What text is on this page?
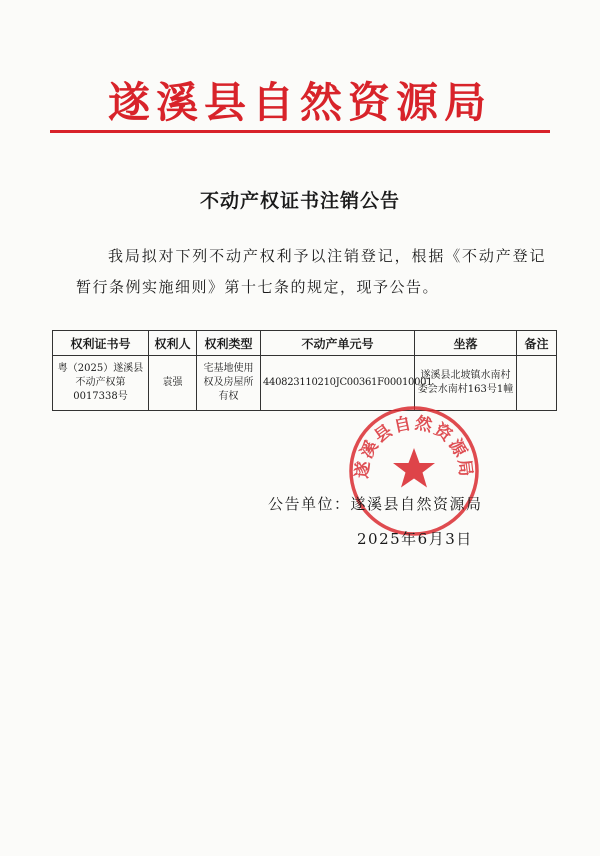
遂溪县自然资源局
不动产权证书注销公告
我局拟对下列不动产权利予以注销登记，根据《不动产登记暂行条例实施细则》第十七条的规定，现予公告。
权利证书号	权利人	权利类型	不动产单元号	坐落	备注
粤（2025）遂溪县不动产权第0017338号	袁强	宅基地使用权及房屋所有权	440823110210JC00361F00010001	遂溪县北坡镇水南村委会水南村163号1幢	
遂溪县自然资源局
公告单位：遂溪县自然资源局
2025年6月3日
